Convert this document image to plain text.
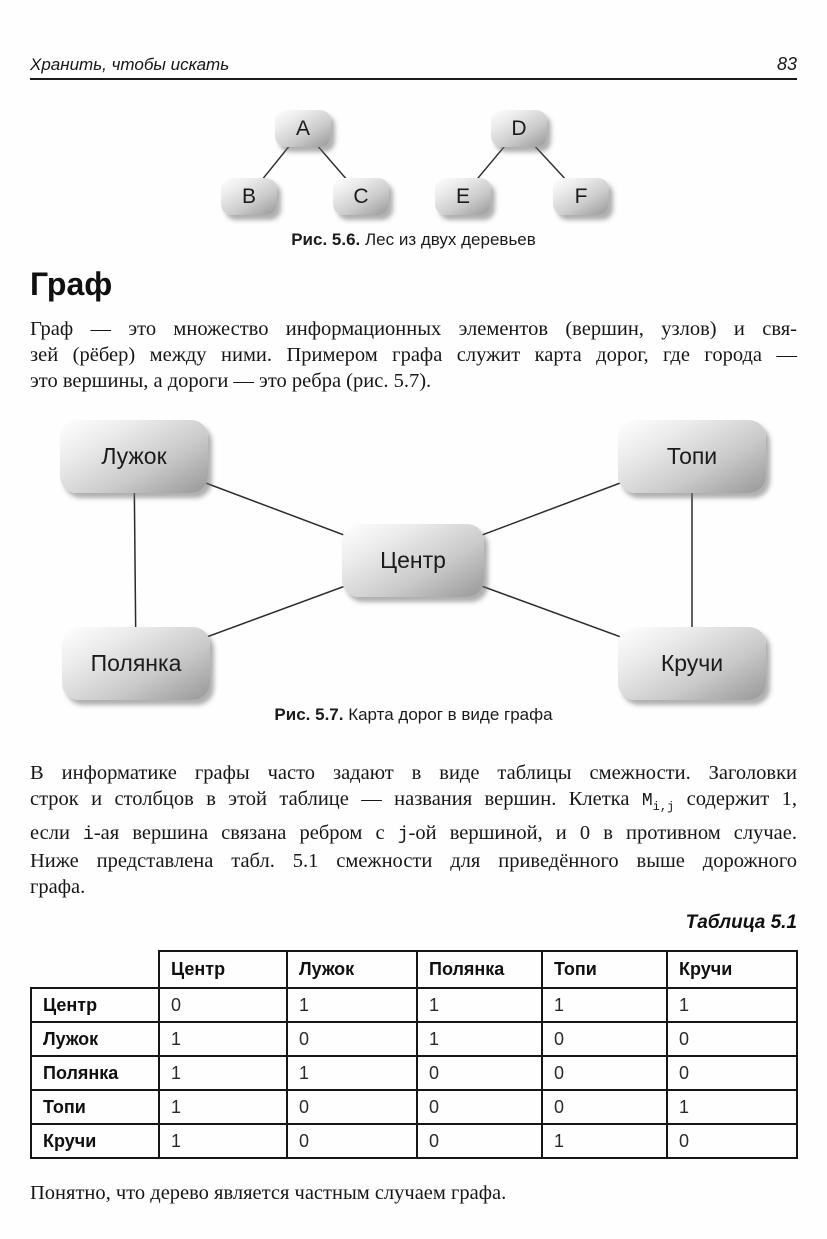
Хранить, чтобы искать	83
A	D
B	C	E	F
Рис. 5.6. Лес из двух деревьев
Граф
Граф — это множество информационных элементов (вершин, узлов) и свя-
зей (рёбер) между ними. Примером графа служит карта дорог, где города —
это вершины, а дороги — это ребра (рис. 5.7).
Лужок	Топи
Центр
Полянка	Кручи
Рис. 5.7. Карта дорог в виде графа
В информатике графы часто задают в виде таблицы смежности. Заголовки
строк и столбцов в этой таблице — названия вершин. Клетка $M_{i,j}$ содержит 1,
если i-ая вершина связана ребром с j-ой вершиной, и 0 в противном случае.
Ниже представлена табл. 5.1 смежности для приведённого выше дорожного
графа.
Таблица 5.1
	Центр	Лужок	Полянка	Топи	Кручи
Центр	0	1	1	1	1
Лужок	1	0	1	0	0
Полянка	1	1	0	0	0
Топи	1	0	0	0	1
Кручи	1	0	0	1	0
Понятно, что дерево является частным случаем графа.
